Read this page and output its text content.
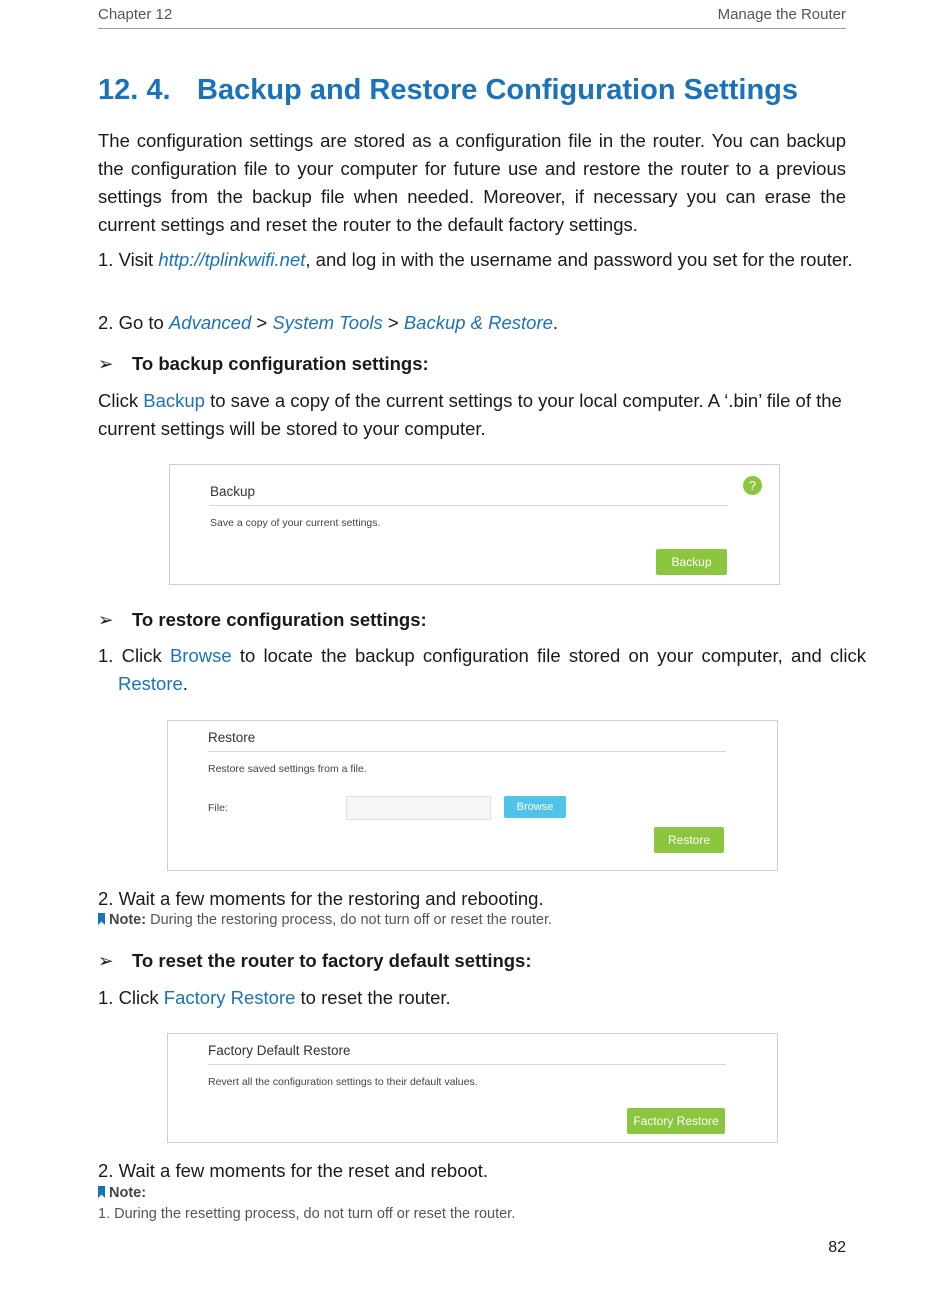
Chapter 12	Manage the Router
12. 4. Backup and Restore Configuration Settings
The configuration settings are stored as a configuration file in the router. You can backup the configuration file to your computer for future use and restore the router to a previous settings from the backup file when needed. Moreover, if necessary you can erase the current settings and reset the router to the default factory settings.
1. Visit http://tplinkwifi.net, and log in with the username and password you set for the router.
2. Go to Advanced > System Tools > Backup & Restore.
➢ To backup configuration settings:
Click Backup to save a copy of the current settings to your local computer. A ‘.bin’ file of the current settings will be stored to your computer.
Backup
Save a copy of your current settings.
?
Backup
➢ To restore configuration settings:
1. Click Browse to locate the backup configuration file stored on your computer, and click Restore.
Restore
Restore saved settings from a file.
File:	Browse
Restore
2. Wait a few moments for the restoring and rebooting.
Note: During the restoring process, do not turn off or reset the router.
➢ To reset the router to factory default settings:
1. Click Factory Restore to reset the router.
Factory Default Restore
Revert all the configuration settings to their default values.
Factory Restore
2. Wait a few moments for the reset and reboot.
Note:
1. During the resetting process, do not turn off or reset the router.
82
